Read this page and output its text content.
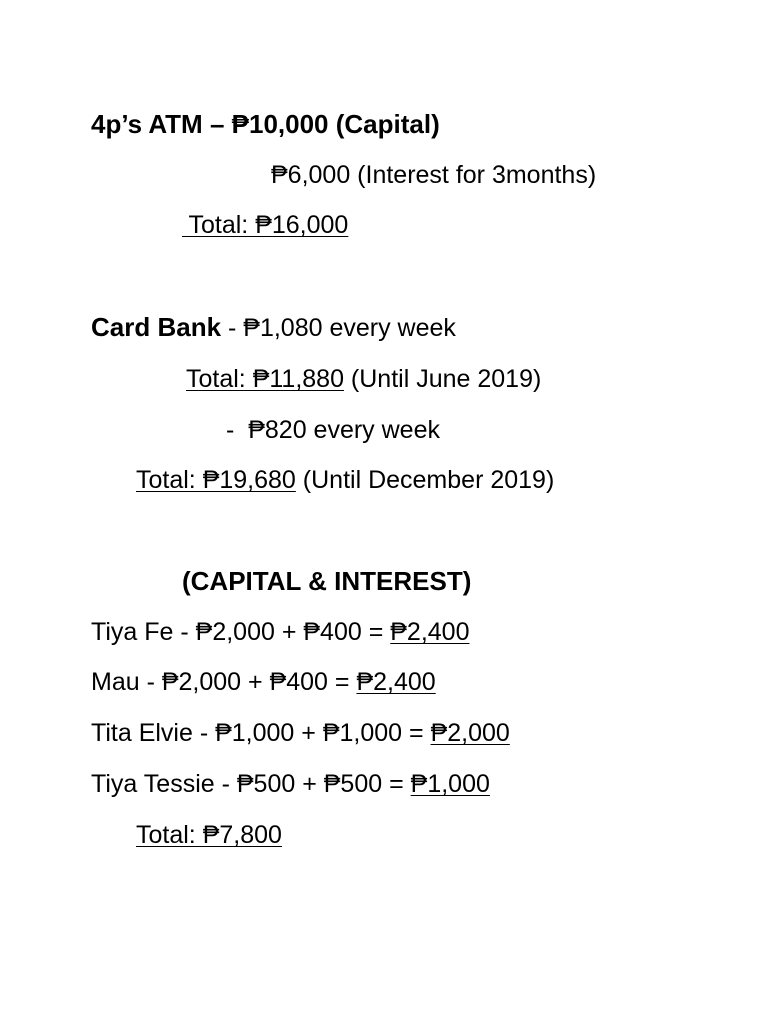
4p’s ATM – ₱10,000 (Capital)
₱6,000 (Interest for 3months)
Total: ₱16,000
Card Bank - ₱1,080 every week
Total: ₱11,880 (Until June 2019)
-  ₱820 every week
Total: ₱19,680 (Until December 2019)
(CAPITAL & INTEREST)
Tiya Fe - ₱2,000 + ₱400 = ₱2,400
Mau - ₱2,000 + ₱400 = ₱2,400
Tita Elvie - ₱1,000 + ₱1,000 = ₱2,000
Tiya Tessie - ₱500 + ₱500 = ₱1,000
Total: ₱7,800
